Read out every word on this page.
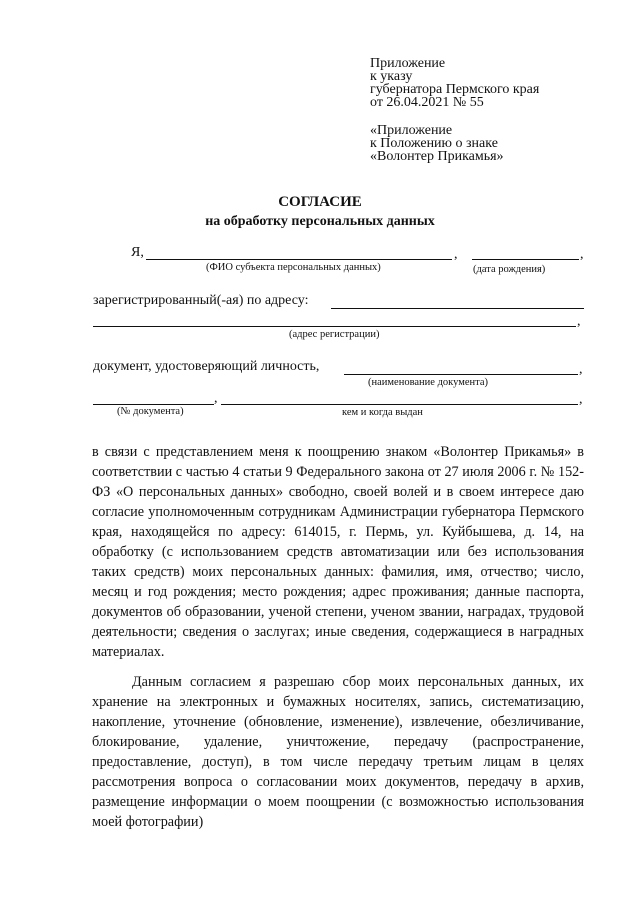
Приложение
к указу
губернатора Пермского края
от 26.04.2021 № 55
«Приложение
к Положению о знаке
«Волонтер Прикамья»
СОГЛАСИЕ
на обработку персональных данных
Я,	,	,
(ФИО субъекта персональных данных)	(дата рождения)
зарегистрированный(-ая) по адресу:
,
(адрес регистрации)
документ, удостоверяющий личность,	,
(наименование документа)
,	,
(№ документа)	кем и когда выдан
в связи с представлением меня к поощрению знаком «Волонтер Прикамья» в соответствии с частью 4 статьи 9 Федерального закона от 27 июля 2006 г. № 152-ФЗ «О персональных данных» свободно, своей волей и в своем интересе даю согласие уполномоченным сотрудникам Администрации губернатора Пермского края, находящейся по адресу: 614015, г. Пермь, ул. Куйбышева, д. 14, на обработку (с использованием средств автоматизации или без использования таких средств) моих персональных данных: фамилия, имя, отчество; число, месяц и год рождения; место рождения; адрес проживания; данные паспорта, документов об образовании, ученой степени, ученом звании, наградах, трудовой деятельности; сведения о заслугах; иные сведения, содержащиеся в наградных материалах.
Данным согласием я разрешаю сбор моих персональных данных, их хранение на электронных и бумажных носителях, запись, систематизацию, накопление, уточнение (обновление, изменение), извлечение, обезличивание, блокирование, удаление, уничтожение, передачу (распространение, предоставление, доступ), в том числе передачу третьим лицам в целях рассмотрения вопроса о согласовании моих документов, передачу в архив, размещение информации о моем поощрении (с возможностью использования моей фотографии)
